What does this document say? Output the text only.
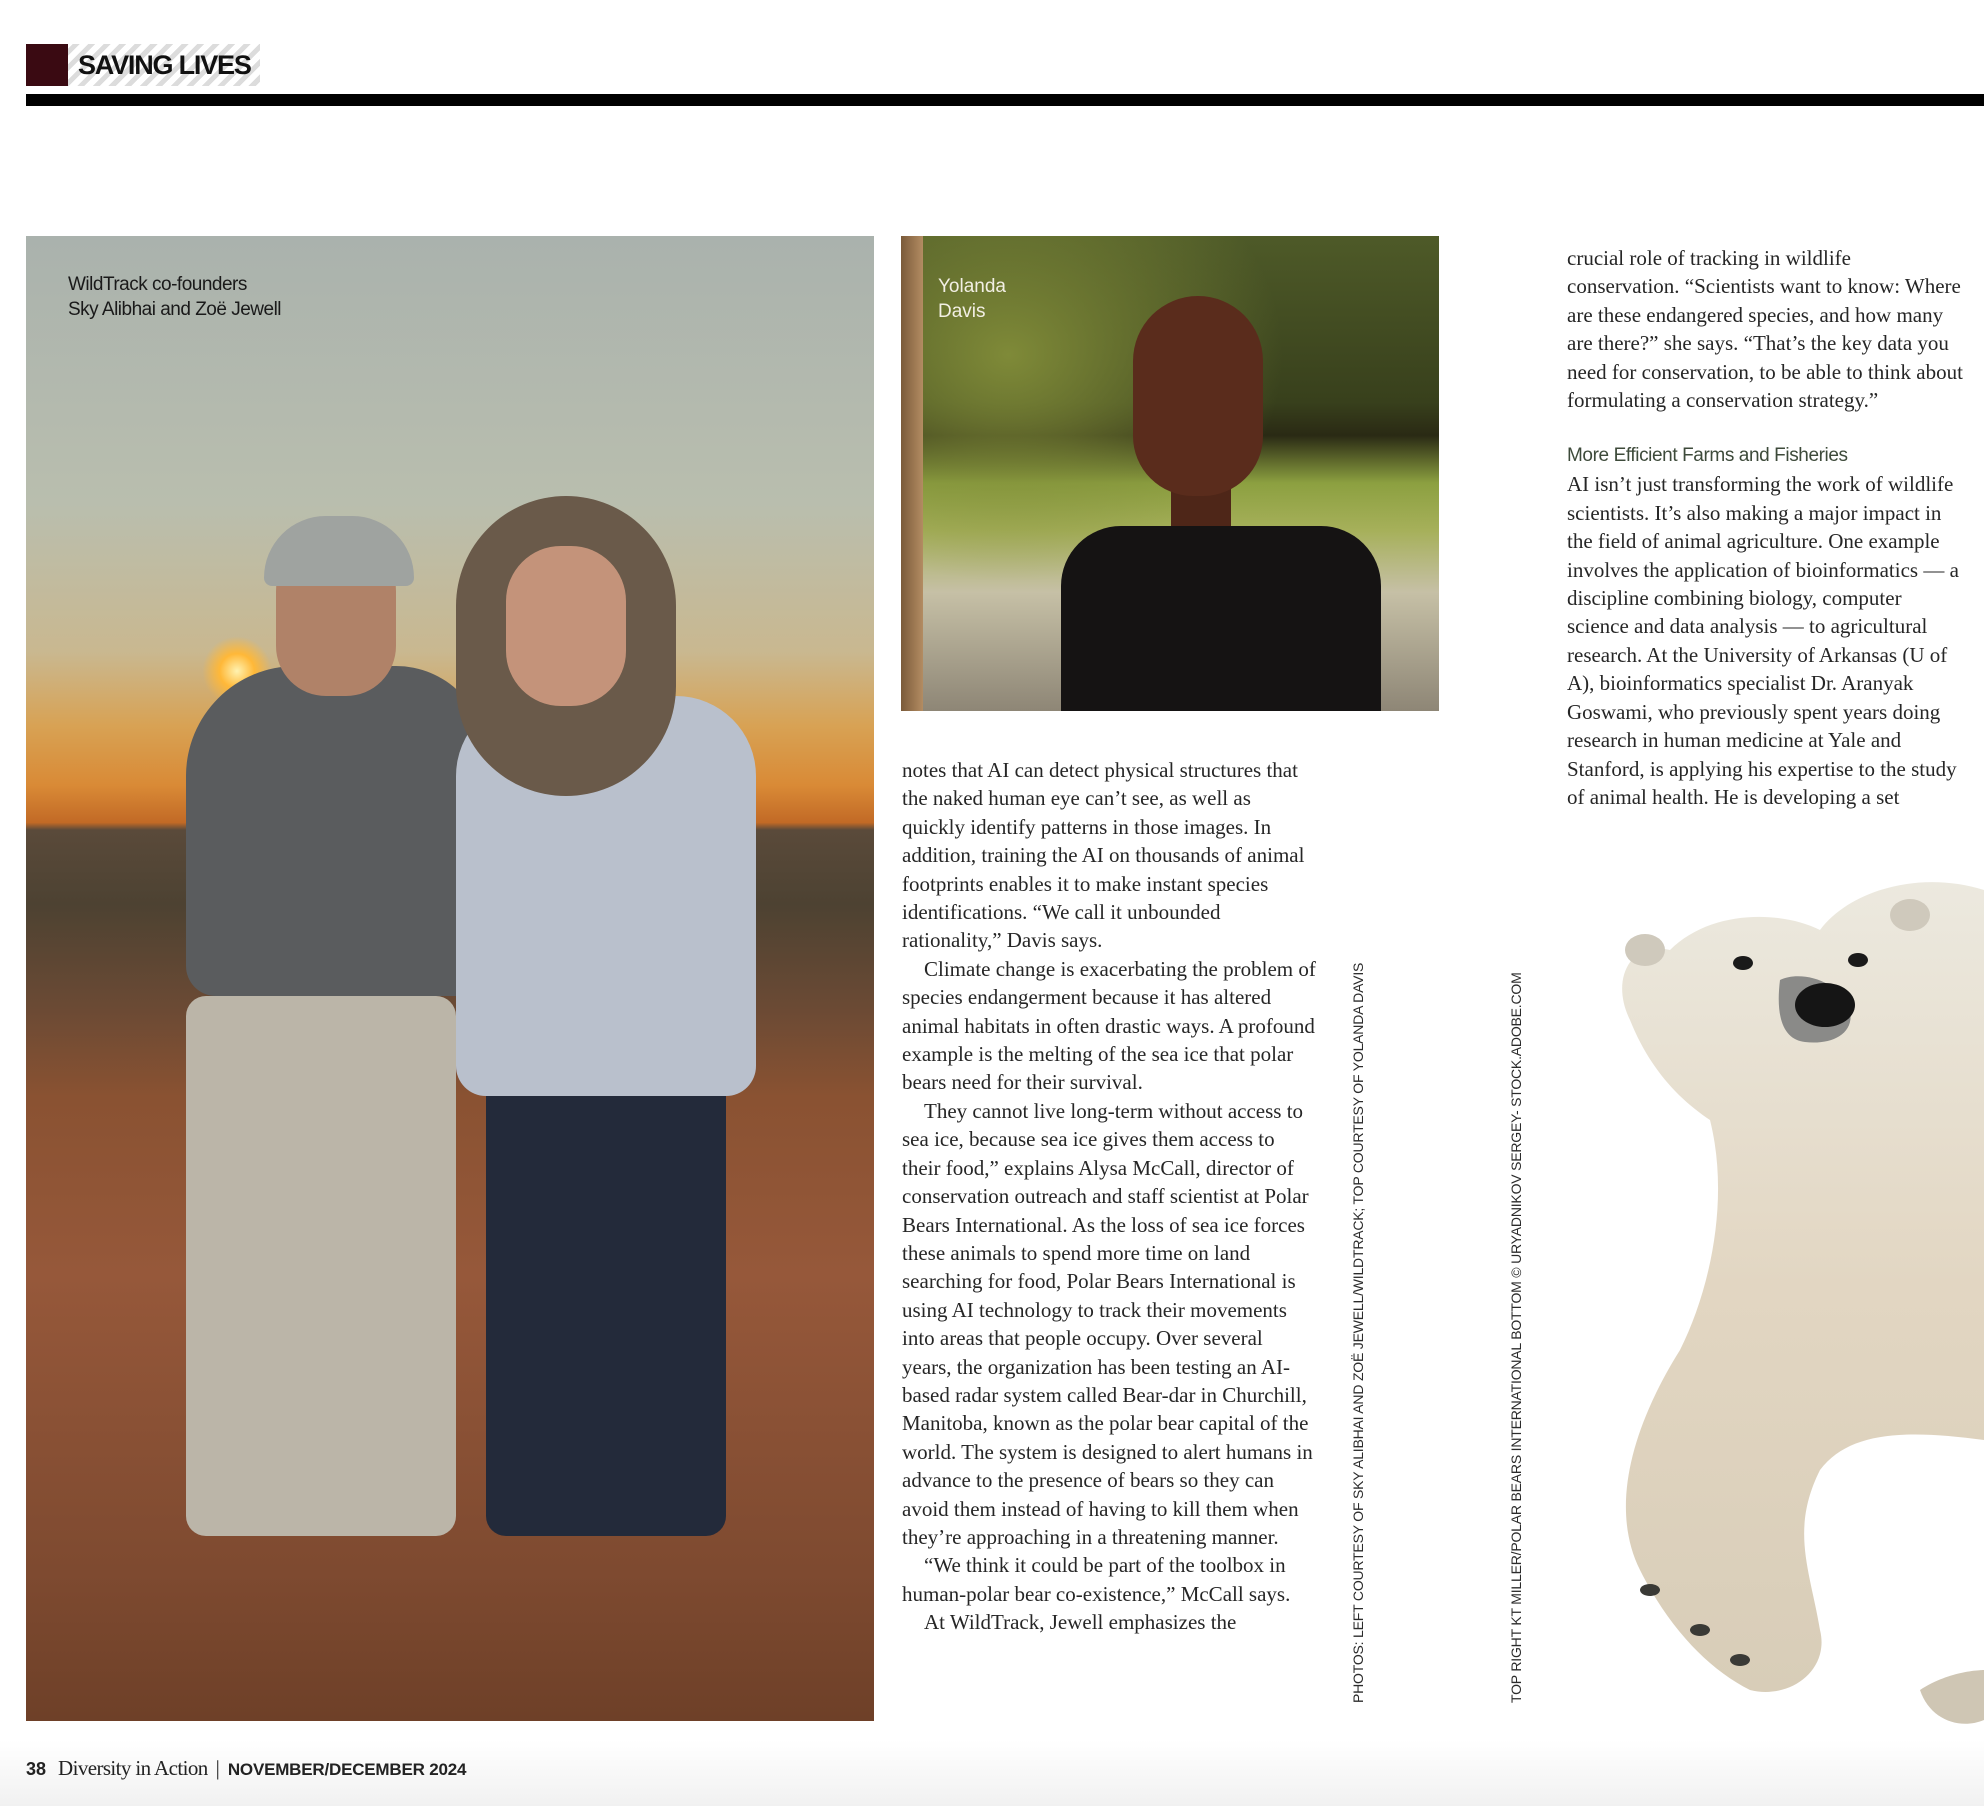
SAVING LIVES
WildTrack co-founders
Sky Alibhai and Zoë Jewell
Yolanda
Davis

notes that AI can detect physical structures that the naked human eye can’t see, as well as quickly identify patterns in those images. In addition, training the AI on thousands of animal footprints enables it to make instant species identifications. “We call it unbounded rationality,” Davis says.

Climate change is exacerbating the problem of species endangerment because it has altered animal habitats in often drastic ways. A profound example is the melting of the sea ice that polar bears need for their survival.

They cannot live long-term without access to sea ice, because sea ice gives them access to their food,” explains Alysa McCall, director of conservation outreach and staff scientist at Polar Bears International. As the loss of sea ice forces these animals to spend more time on land searching for food, Polar Bears International is using AI technology to track their movements into areas that people occupy. Over several years, the organization has been testing an AI-based radar system called Bear-dar in Churchill, Manitoba, known as the polar bear capital of the world. The system is designed to alert humans in advance to the presence of bears so they can avoid them instead of having to kill them when they’re approaching in a threatening manner.

“We think it could be part of the toolbox in human-polar bear co-existence,” McCall says.

At WildTrack, Jewell emphasizes the

crucial role of tracking in wildlife conservation. “Scientists want to know: Where are these endangered species, and how many are there?” she says. “That’s the key data you need for conservation, to be able to think about formulating a conservation strategy.”

More Efficient Farms and Fisheries

AI isn’t just transforming the work of wildlife scientists. It’s also making a major impact in the field of animal agriculture. One example involves the application of bioinformatics — a discipline combining biology, computer science and data analysis — to agricultural research. At the University of Arkansas (U of A), bioinformatics specialist Dr. Aranyak Goswami, who previously spent years doing research in human medicine at Yale and Stanford, is applying his expertise to the study of animal health. He is developing a set

PHOTOS: LEFT COURTESY OF SKY ALIBHAI AND ZOË JEWELL/WILDTRACK; TOP COURTESY OF YOLANDA DAVIS	TOP RIGHT KT MILLER/POLAR BEARS INTERNATIONAL BOTTOM © URYADNIKOV SERGEY- STOCK.ADOBE.COM
38 Diversity in Action | NOVEMBER/DECEMBER 2024
